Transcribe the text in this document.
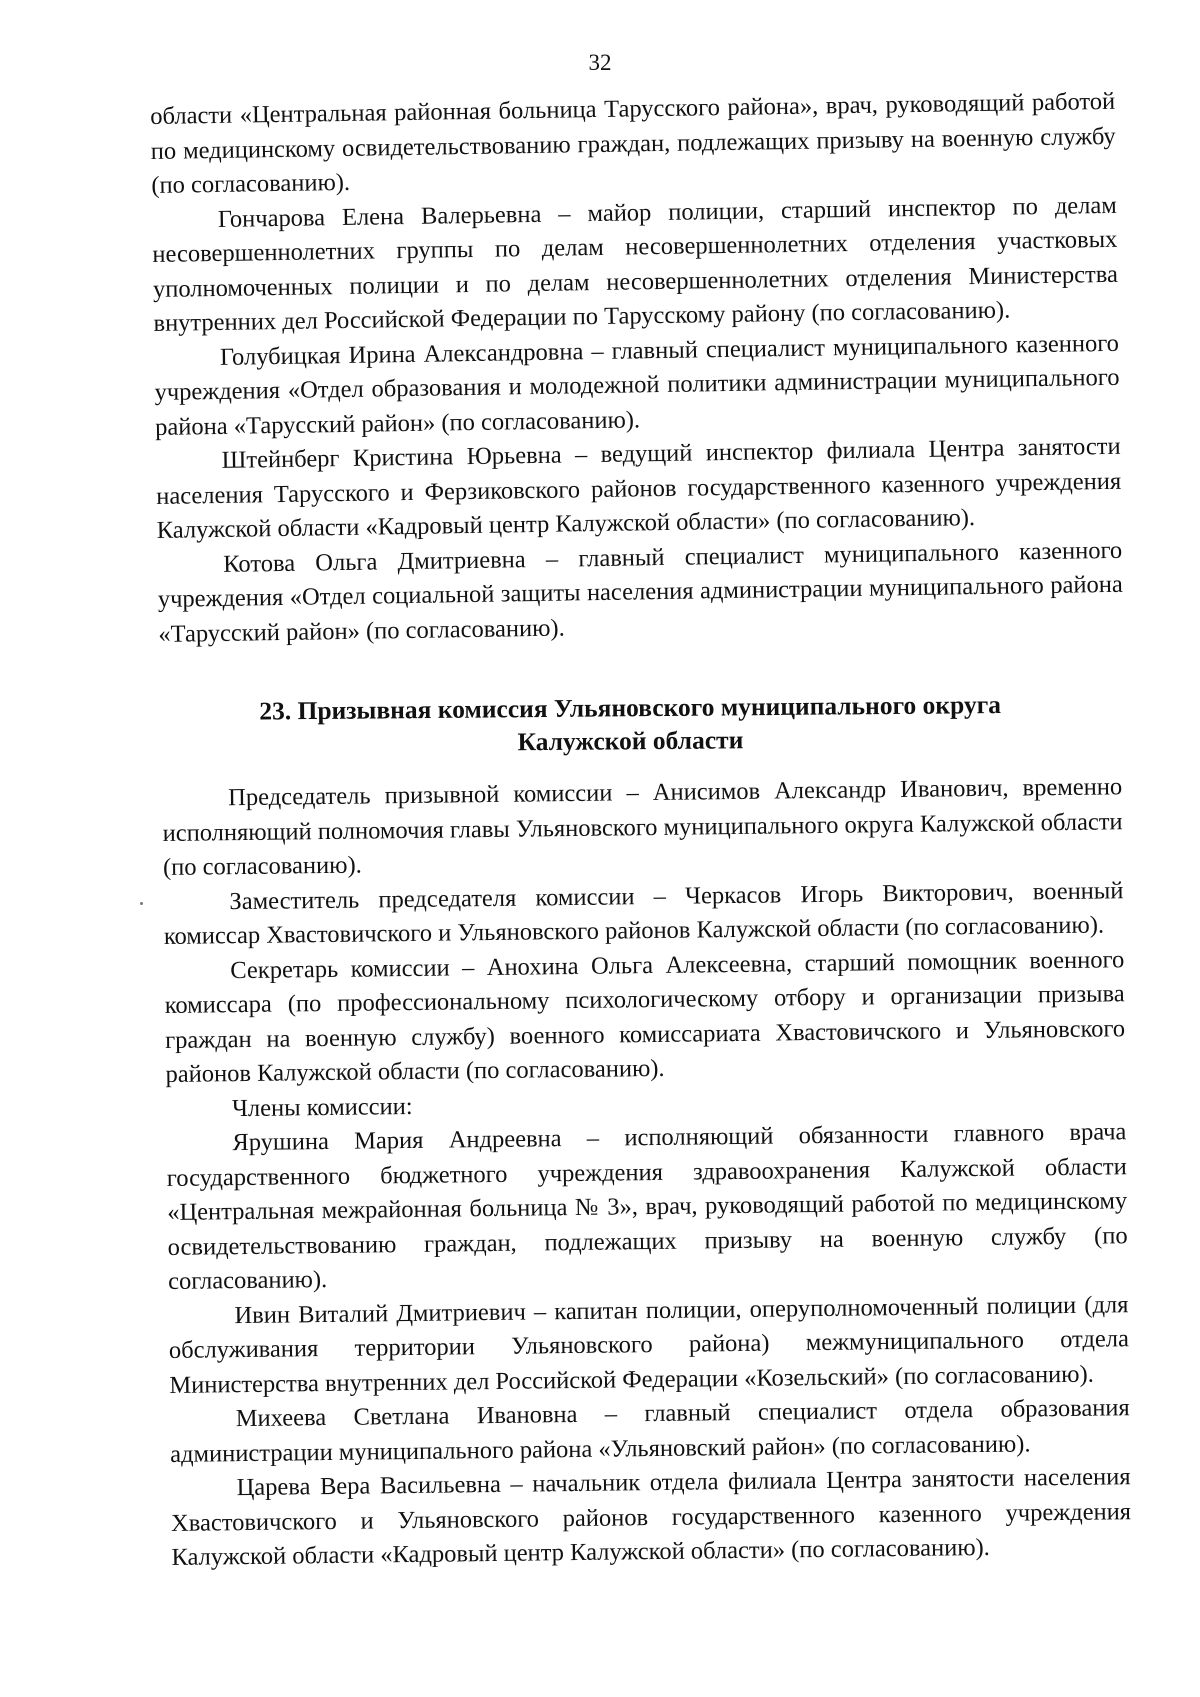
32

области «Центральная районная больница Тарусского района», врач, руководящий работой по медицинскому освидетельствованию граждан, подлежащих призыву на военную службу (по согласованию).

Гончарова Елена Валерьевна – майор полиции, старший инспектор по делам несовершеннолетних группы по делам несовершеннолетних отделения участковых уполномоченных полиции и по делам несовершеннолетних отделения Министерства внутренних дел Российской Федерации по Тарусскому району (по согласованию).

Голубицкая Ирина Александровна – главный специалист муниципального казенного учреждения «Отдел образования и молодежной политики администрации муниципального района «Тарусский район» (по согласованию).

Штейнберг Кристина Юрьевна – ведущий инспектор филиала Центра занятости населения Тарусского и Ферзиковского районов государственного казенного учреждения Калужской области «Кадровый центр Калужской области» (по согласованию).

Котова Ольга Дмитриевна – главный специалист муниципального казенного учреждения «Отдел социальной защиты населения администрации муниципального района «Тарусский район» (по согласованию).

23. Призывная комиссия Ульяновского муниципального округа
Калужской области

Председатель призывной комиссии – Анисимов Александр Иванович, временно исполняющий полномочия главы Ульяновского муниципального округа Калужской области (по согласованию).

Заместитель председателя комиссии – Черкасов Игорь Викторович, военный комиссар Хвастовичского и Ульяновского районов Калужской области (по согласованию).

Секретарь комиссии – Анохина Ольга Алексеевна, старший помощник военного комиссара (по профессиональному психологическому отбору и организации призыва граждан на военную службу) военного комиссариата Хвастовичского и Ульяновского районов Калужской области (по согласованию).

Члены комиссии:

Ярушина Мария Андреевна – исполняющий обязанности главного врача государственного бюджетного учреждения здравоохранения Калужской области «Центральная межрайонная больница № 3», врач, руководящий работой по медицинскому освидетельствованию граждан, подлежащих призыву на военную службу (по согласованию).

Ивин Виталий Дмитриевич – капитан полиции, оперуполномоченный полиции (для обслуживания территории Ульяновского района) межмуниципального отдела Министерства внутренних дел Российской Федерации «Козельский» (по согласованию).

Михеева Светлана Ивановна – главный специалист отдела образования администрации муниципального района «Ульяновский район» (по согласованию).

Царева Вера Васильевна – начальник отдела филиала Центра занятости населения Хвастовичского и Ульяновского районов государственного казенного учреждения Калужской области «Кадровый центр Калужской области» (по согласованию).
